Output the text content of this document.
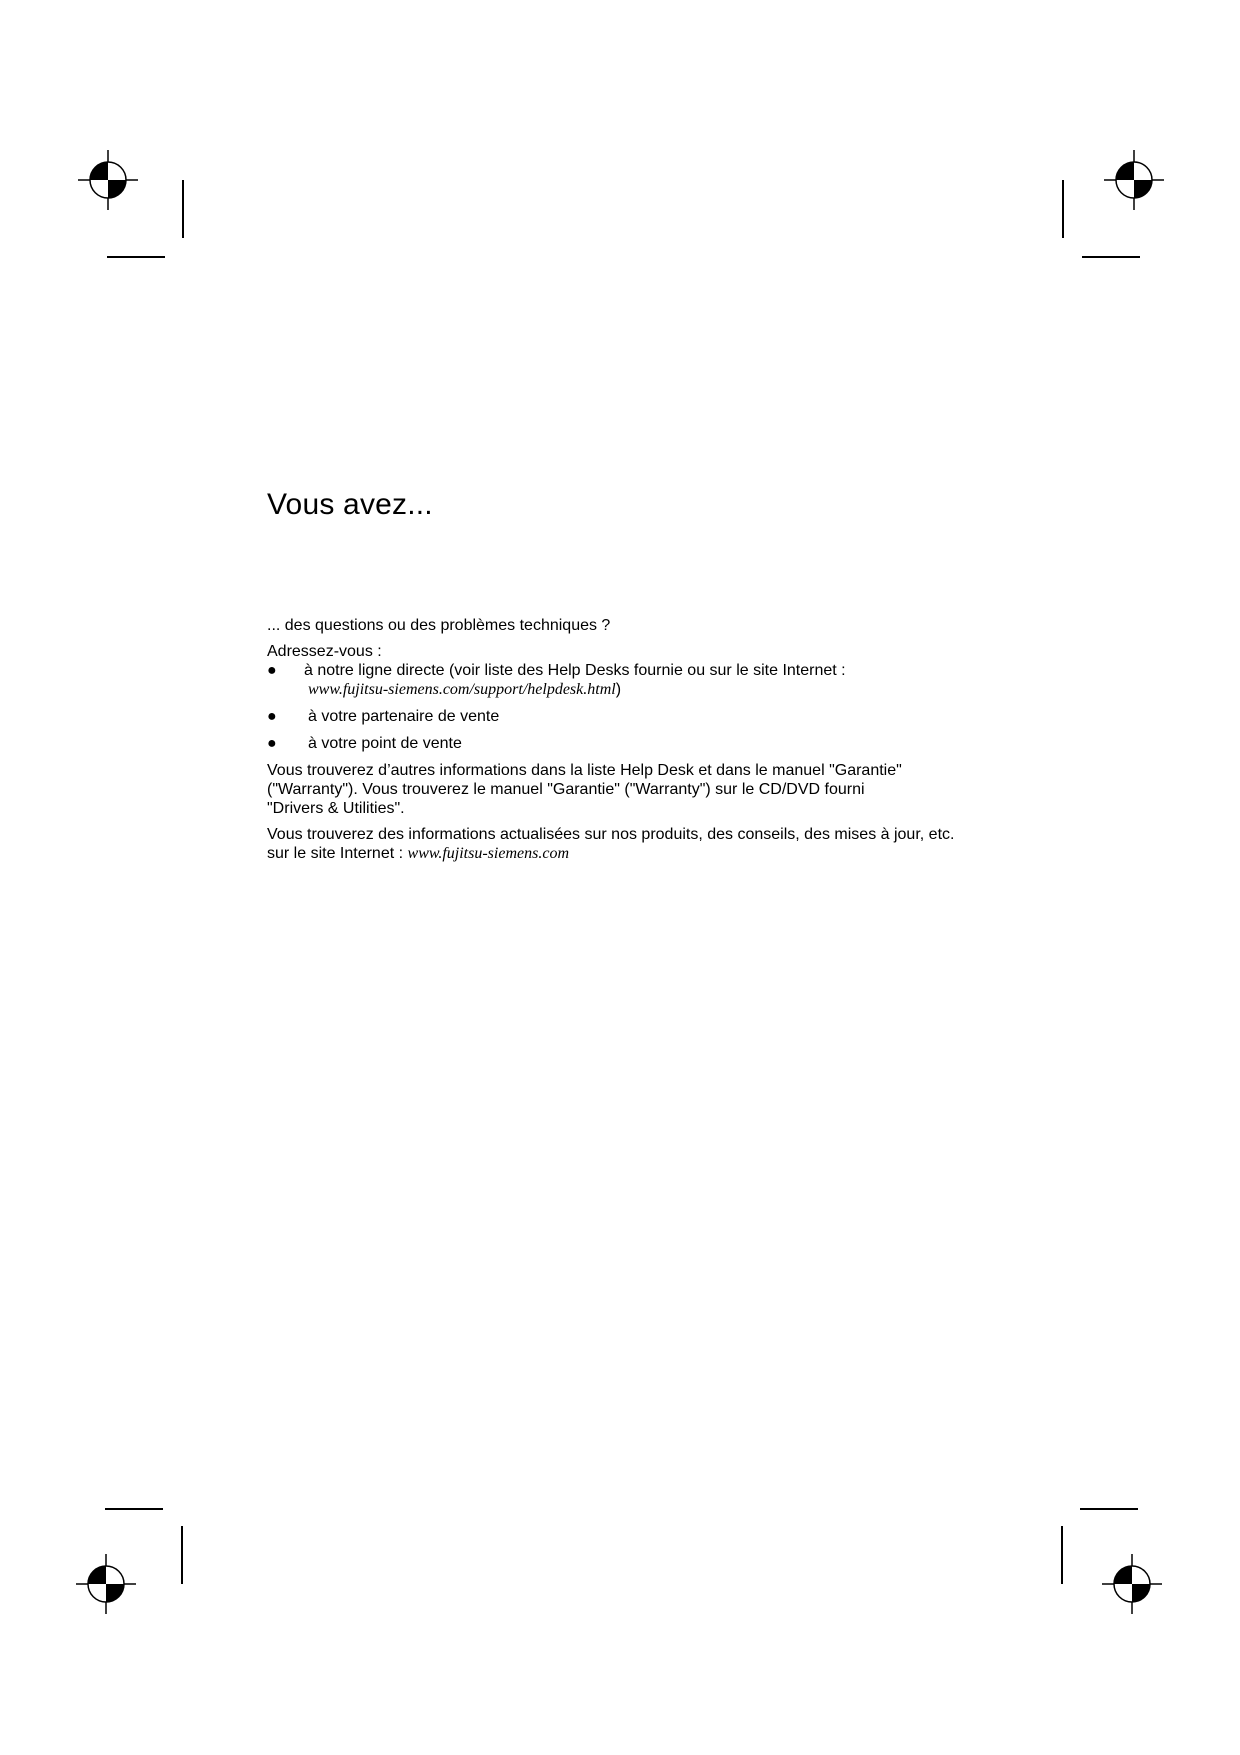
Vous avez...

... des questions ou des problèmes techniques ?

Adressez-vous :

● à notre ligne directe (voir liste des Help Desks fournie ou sur le site Internet :
www.fujitsu-siemens.com/support/helpdesk.html)
● à votre partenaire de vente
● à votre point de vente

Vous trouverez d’autres informations dans la liste Help Desk et dans le manuel "Garantie"
("Warranty"). Vous trouverez le manuel "Garantie" ("Warranty") sur le CD/DVD fourni
"Drivers & Utilities".

Vous trouverez des informations actualisées sur nos produits, des conseils, des mises à jour, etc.
sur le site Internet : www.fujitsu-siemens.com
